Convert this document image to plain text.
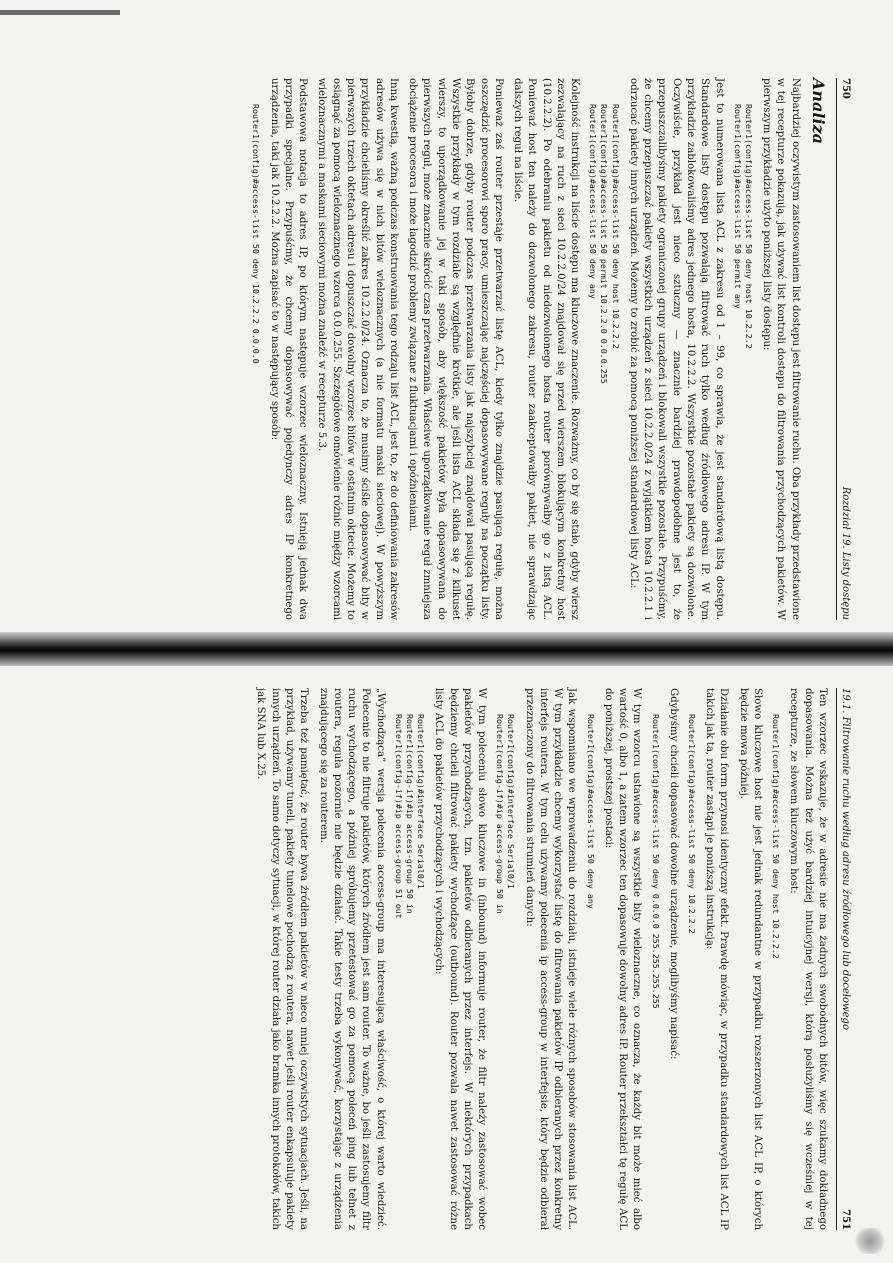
750
Rozdział 19. Listy dostępu
Analiza

Najbardziej oczywistym zastosowaniem list dostępu jest filtrowanie ruchu. Oba przykłady przedstawione w tej recepturze pokazują, jak używać list kontroli dostępu do filtrowania przychodzących pakietów. W pierwszym przykładzie użyto poniższej listy dostępu:

Router1(config)#access-list 50 deny host 10.2.2.2
Router1(config)#access-list 50 permit any

Jest to numerowana lista ACL z zakresu od 1 – 99, co sprawia, że jest standardową listą dostępu. Standardowe listy dostępu pozwalają filtrować ruch tylko według źródłowego adresu IP. W tym przykładzie zablokowaliśmy adres jednego hosta, 10.2.2.2. Wszystkie pozostałe pakiety są dozwolone. Oczywiście, przykład jest nieco sztuczny — znacznie bardziej prawdopodobne jest to, że przepuszczalibyśmy pakiety ograniczonej grupy urządzeń i blokowali wszystkie pozostałe. Przypuśćmy, że chcemy przepuszczać pakiety wszystkich urządzeń z sieci 10.2.2.0/24 z wyjątkiem hosta 10.2.2.1 i odrzucać pakiety innych urządzeń. Możemy to zrobić za pomocą poniższej standardowej listy ACL:

Router1(config)#access-list 50 deny host 10.2.2.2
Router1(config)#access-list 50 permit 10.2.2.0 0.0.0.255
Router1(config)#access-list 50 deny any

Kolejność instrukcji na liście dostępu ma kluczowe znaczenie. Rozważmy, co by się stało, gdyby wiersz zezwalający na ruch z sieci 10.2.2.0/24 znajdował się przed wierszem blokującym konkretny host (10.2.2.2). Po odebraniu pakietu od niedozwolonego hosta router porównywałby go z listą ACL. Ponieważ host ten należy do dozwolonego zakresu, router zaakceptowałby pakiet, nie sprawdzając dalszych reguł na liście.

Ponieważ zaś router przestaje przetwarzać listę ACL, kiedy tylko znajdzie pasującą regułę, można oszczędzić procesorowi sporo pracy, umieszczając najczęściej dopasowywane reguły na początku listy. Byłoby dobrze, gdyby router podczas przetwarzania listy jak najszybciej znajdował pasującą regułę. Wszystkie przykłady w tym rozdziale są względnie krótkie, ale jeśli lista ACL składa się z kilkuset wierszy, to uporządkowanie jej w taki sposób, aby większość pakietów była dopasowywana do pierwszych reguł, może znacznie skrócić czas przetwarzania. Właściwe uporządkowanie reguł zmniejsza obciążenie procesora i może łagodzić problemy związane z fluktuacjami i opóźnieniami.

Inną kwestią, ważną podczas konstruowania tego rodzaju list ACL, jest to, że do definiowania zakresów adresów używa się w nich bitów wieloznacznych (a nie formatu maski sieciowej). W powyższym przykładzie chcieliśmy określić zakres 10.2.2.0/24. Oznacza to, że musimy ściśle dopasowywać bity w pierwszych trzech oktetach adresu i dopuszczać dowolny wzorzec bitów w ostatnim oktecie. Możemy to osiągnąć za pomocą wieloznacznego wzorca 0.0.0.255. Szczegółowe omówienie różnic między wzorcami wieloznacznymi a maskami sieciowymi można znaleźć w recepturze 5.3.

Podstawowa notacja to adres IP, po którym następuje wzorzec wieloznaczny. Istnieją jednak dwa przypadki specjalne. Przypuśćmy, że chcemy dopasowywać pojedynczy adres IP konkretnego urządzenia, taki jak 10.2.2.2. Można zapisać to w następujący sposób:

Router1(config)#access-list 50 deny 10.2.2.2 0.0.0.0
19.1. Filtrowanie ruchu według adresu źródłowego lub docelowego
751

Ten wzorzec wskazuje, że w adresie nie ma żadnych swobodnych bitów, więc szukamy dokładnego dopasowania. Można też użyć bardziej intuicyjnej wersji, którą posłużyliśmy się wcześniej w tej recepturze, ze słowem kluczowym host:

Router1(config)#access-list 50 deny host 10.2.2.2

Słowo kluczowe host nie jest jednak redundantne w przypadku rozszerzonych list ACL IP, o których będzie mowa później.

Działanie obu form przynosi identyczny efekt. Prawdę mówiąc, w przypadku standardowych list ACL IP takich jak ta, router zastąpi je poniższą instrukcją:

Router1(config)#access-list 50 deny 10.2.2.2

Gdybyśmy chcieli dopasować dowolne urządzenie, moglibyśmy napisać:

Router1(config)#access-list 50 deny 0.0.0.0 255.255.255.255

W tym wzorcu ustawione są wszystkie bity wieloznaczne, co oznacza, że każdy bit może mieć albo wartość 0, albo 1, a zatem wzorzec ten dopasowuje dowolny adres IP. Router przekształci tę regułę ACL do poniższej, prostszej postaci:

Router1(config)#access-list 50 deny any

Jak wspomniano we wprowadzeniu do rozdziału, istnieje wiele różnych sposobów stosowania list ACL. W tym przykładzie chcemy wykorzystać listę do filtrowania pakietów IP odbieranych przez konkretny interfejs routera. W tym celu używamy polecenia ip access-group w interfejsie, który będzie odbierał przeznaczony do filtrowania strumień danych:

Router1(config)#interface Serial0/1
Router1(config-if)#ip access-group 50 in

W tym poleceniu słowo kluczowe in (inbound) informuje router, że filtr należy zastosować wobec pakietów przychodzących, tzn. pakietów odbieranych przez interfejs. W niektórych przypadkach będziemy chcieli filtrować pakiety wychodzące (outbound). Router pozwala nawet zastosować różne listy ACL do pakietów przychodzących i wychodzących:

Router1(config)#interface Serial0/1
Router1(config-if)#ip access-group 50 in
Router1(config-if)#ip access-group 51 out

„Wychodząca” wersja polecenia access-group ma interesującą właściwość, o której warto wiedzieć. Polecenie to nie filtruje pakietów, których źródłem jest sam router. To ważne, bo jeśli zastosujemy filtr ruchu wychodzącego, a później spróbujemy przetestować go za pomocą poleceń ping lub telnet z routera, reguła pozornie nie będzie działać. Takie testy trzeba wykonywać, korzystając z urządzenia znajdującego się za routerem.

Trzeba też pamiętać, że router bywa źródłem pakietów w nieco mniej oczywistych sytuacjach. Jeśli, na przykład, używamy tuneli, pakiety tunelowe pochodzą z routera, nawet jeśli router enkapsuluje pakiety innych urządzeń. To samo dotyczy sytuacji, w której router działa jako bramka innych protokołów, takich jak SNA lub X.25.
